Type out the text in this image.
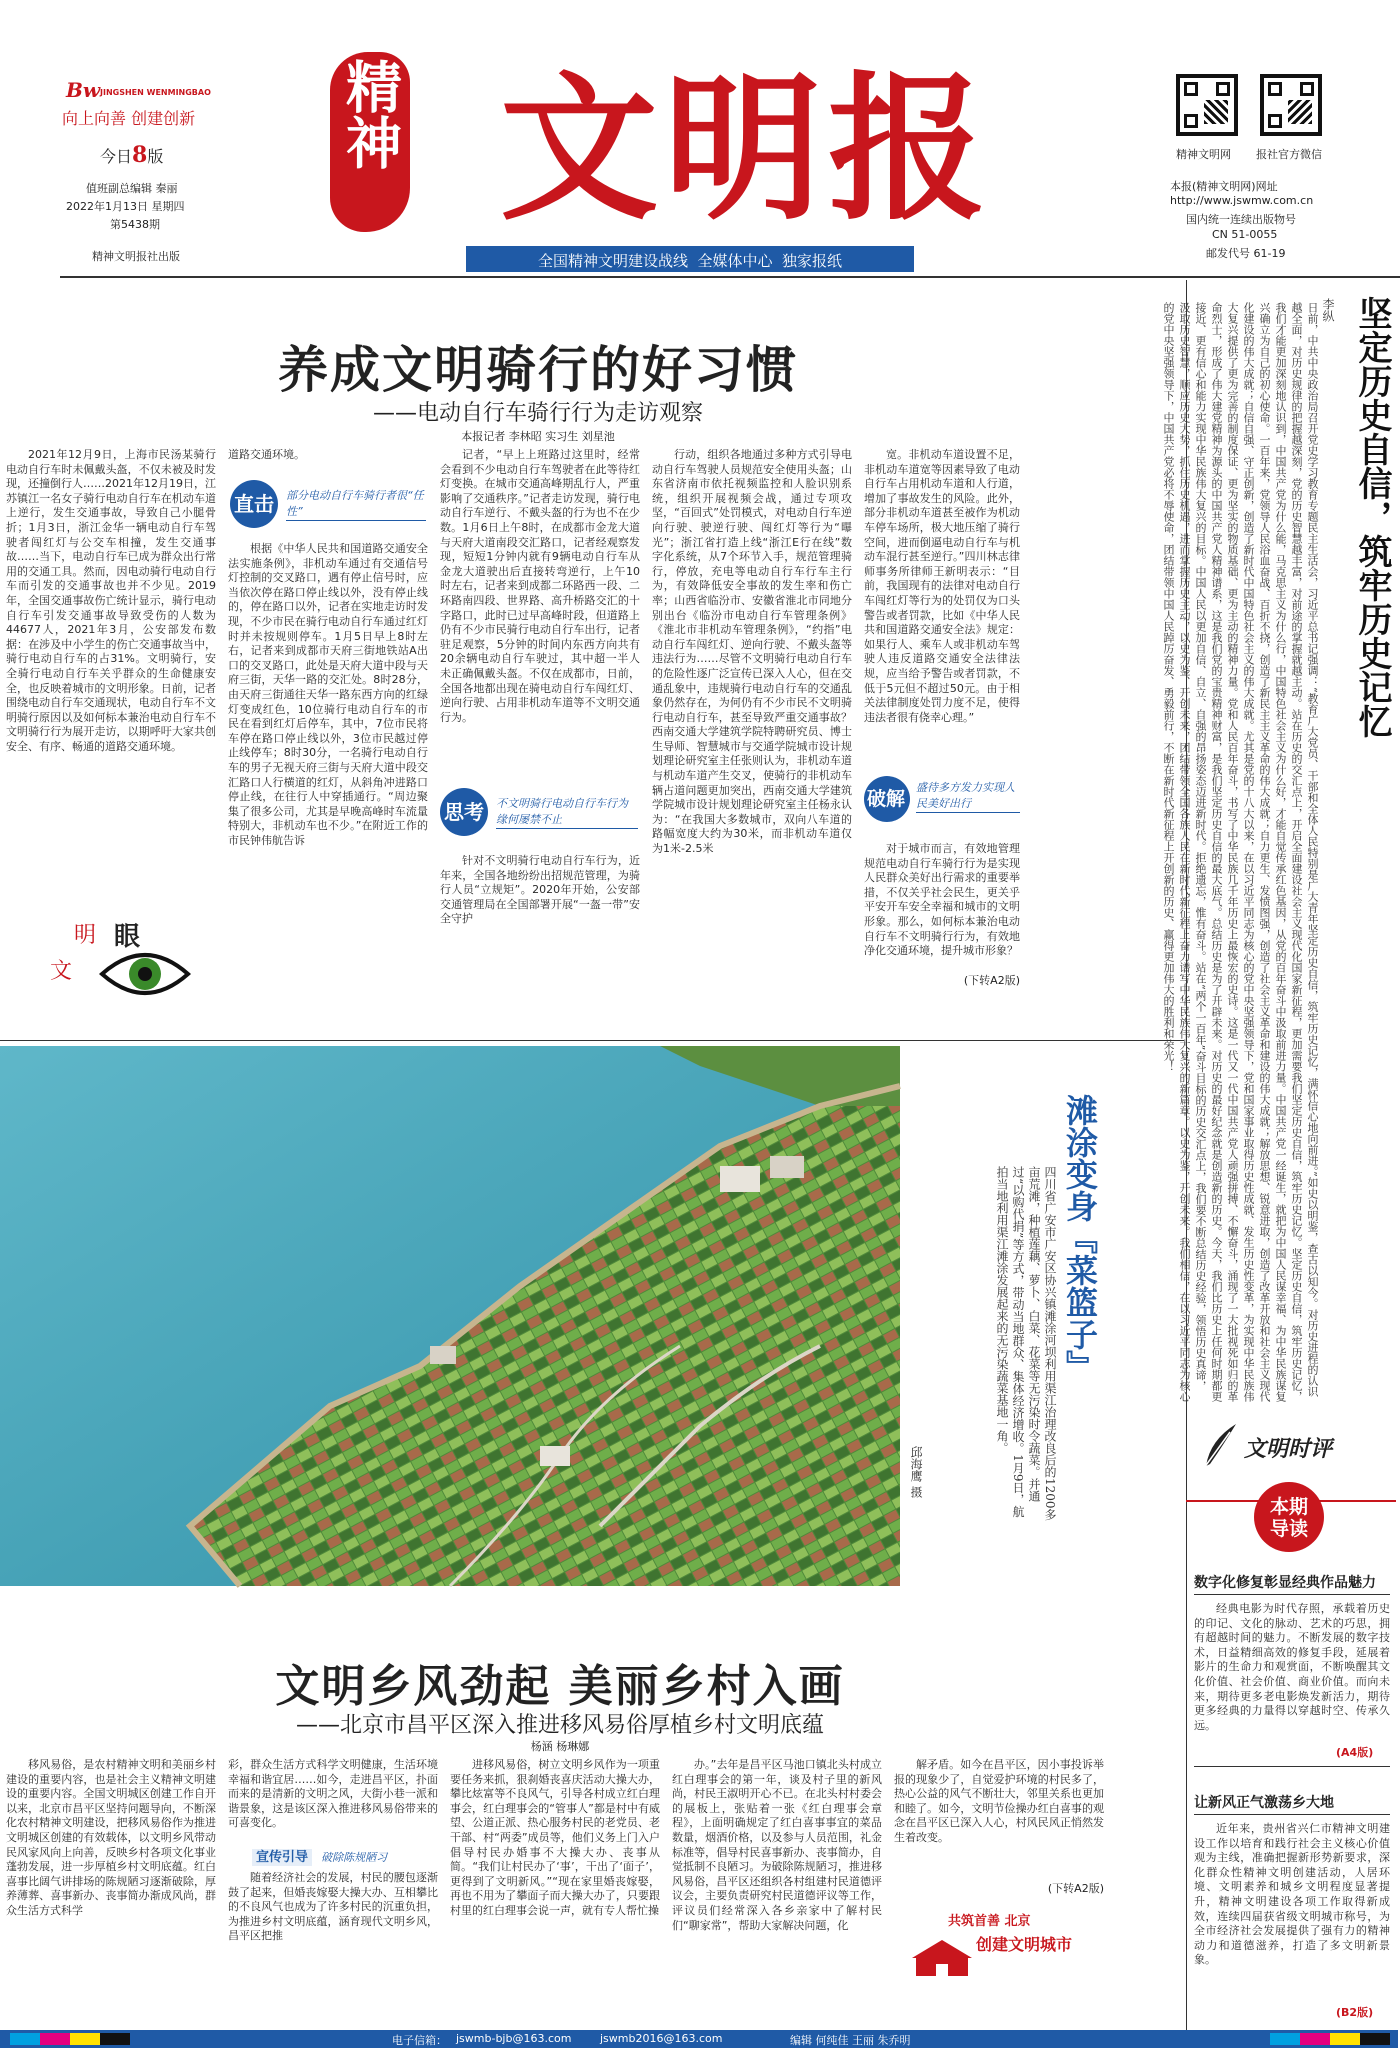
Bw JINGSHEN WENMINGBAO
向上向善 创建创新
今日8版
值班副总编辑 秦丽
2022年1月13日 星期四
第5438期
精神文明报社出版
精神 文明报
全国精神文明建设战线  全媒体中心  独家报纸
精神文明网 报社官方微信
本报(精神文明网)网址
http://www.jswmw.com.cn
国内统一连续出版物号
CN 51-0055
邮发代号 61-19
养成文明骑行的好习惯
——电动自行车骑行行为走访观察
本报记者 李林昭 实习生 刘星池

2021年12月9日，上海市民汤某骑行电动自行车时未佩戴头盔，不仅未被及时发现，还撞倒行人……2021年12月19日，江苏镇江一名女子骑行电动自行车在机动车道上逆行，发生交通事故，导致自己小腿骨折；1月3日，浙江金华一辆电动自行车驾驶者闯红灯与公交车相撞，发生交通事故……当下，电动自行车已成为群众出行常用的交通工具。然而，因电动骑行电动自行车而引发的交通事故也并不少见。2019年，全国交通事故伤亡统计显示，骑行电动自行车引发交通事故导致受伤的人数为44677人，2021年3月，公安部发布数据：在涉及中小学生的伤亡交通事故当中，骑行电动自行车的占31%。文明骑行，安全骑行电动自行车关乎群众的生命健康安全，也反映着城市的文明形象。日前，记者围绕电动自行车交通现状，电动自行车不文明骑行原因以及如何标本兼治电动自行车不文明骑行行为展开走访，以期呼吁大家共创安全、有序、畅通的道路交通环境。

明
文
眼
道路交通环境。
直击 部分电动自行车骑行者很“任性”

根据《中华人民共和国道路交通安全法实施条例》，非机动车通过有交通信号灯控制的交叉路口，遇有停止信号时，应当依次停在路口停止线以外，没有停止线的，停在路口以外，记者在实地走访时发现，不少市民在骑行电动自行车通过红灯时并未按规则停车。1月5日早上8时左右，记者来到成都市天府三街地铁站A出口的交叉路口，此处是天府大道中段与天府三街，天华一路的交汇处。8时28分，由天府三街通往天华一路东西方向的红绿灯变成红色，10位骑行电动自行车的市民在看到红灯后停车，其中，7位市民将车停在路口停止线以外，3位市民越过停止线停车；8时30分，一名骑行电动自行车的男子无视天府三街与天府大道中段交汇路口人行横道的红灯，从斜角冲进路口停止线，在往行人中穿插通行。“周边聚集了很多公司，尤其是早晚高峰时车流量特别大，非机动车也不少。”在附近工作的市民钟伟航告诉

记者，“早上上班路过这里时，经常会看到不少电动自行车驾驶者在此等待红灯变换。在城市交通高峰期乱行人，严重影响了交通秩序。”记者走访发现，骑行电动自行车逆行、不戴头盔的行为也不在少数。1月6日上午8时，在成都市金龙大道与天府大道南段交汇路口，记者经观察发现，短短1分钟内就有9辆电动自行车从金龙大道驶出后直接转弯逆行，上午10时左右，记者来到成都二环路西一段、二环路南四段、世界路、高升桥路交汇的十字路口，此时已过早高峰时段，但道路上仍有不少市民骑行电动自行车出行，记者驻足观察，5分钟的时间内东西方向共有20余辆电动自行车驶过，其中超一半人未正确佩戴头盔。不仅在成都市，日前，全国各地都出现在骑电动自行车闯红灯、逆向行驶、占用非机动车道等不文明交通行为。

思考 不文明骑行电动自行车行为缘何屡禁不止

针对不文明骑行电动自行车行为，近年来，全国各地纷纷出招规范管理，为骑行人员“立规矩”。2020年开始，公安部交通管理局在全国部署开展“一盔一带”安全守护

行动，组织各地通过多种方式引导电动自行车驾驶人员规范安全使用头盔；山东省济南市依托视频监控和人脸识别系统，组织开展视频会战，通过专项攻坚，“百回式”处罚模式，对电动自行车逆向行驶、驶逆行驶、闯红灯等行为“曝光”；浙江省打造上线“浙江E行在线”数字化系统，从7个环节入手，规范管理骑行，停放，充电等电动自行车行车主行为，有效降低安全事故的发生率和伤亡率；山西省临汾市、安徽省淮北市同地分别出台《临汾市电动自行车管理条例》《淮北市非机动车管理条例》，“约指”电动自行车闯红灯、逆向行驶、不戴头盔等违法行为……尽管不文明骑行电动自行车的危险性逐广泛宣传已深入人心，但在交通乱象中，违规骑行电动自行车的交通乱象仍然存在，为何仍有不少市民不文明骑行电动自行车，甚至导致严重交通事故？西南交通大学建筑学院特聘研究员、博士生导师、智慧城市与交通学院城市设计规划理论研究室主任张则认为，非机动车道与机动车道产生交叉，使骑行的非机动车辆占道问题更加突出，西南交通大学建筑学院城市设计规划理论研究室主任杨永认为：“在我国大多数城市，双向八车道的路幅宽度大约为30米，而非机动车道仅为1米-2.5米

宽。非机动车道设置不足，非机动车道宽等因素导致了电动自行车占用机动车道和人行道，增加了事故发生的风险。此外，部分非机动车道甚至被作为机动车停车场所，极大地压缩了骑行空间，进而倒逼电动自行车与机动车混行甚至逆行。”四川林志律师事务所律师王新明表示：“目前，我国现有的法律对电动自行车闯红灯等行为的处罚仅为口头警告或者罚款，比如《中华人民共和国道路交通安全法》规定：如果行人、乘车人或非机动车驾驶人违反道路交通安全法律法规，应当给予警告或者罚款，不低于5元但不超过50元。由于相关法律制度处罚力度不足，使得违法者很有侥幸心理。”

破解
盛待多方发力实现人民美好出行

对于城市而言，有效地管理规范电动自行车骑行行为是实现人民群众美好出行需求的重要举措，不仅关乎社会民生，更关乎平安开车安全幸福和城市的文明形象。那么，如何标本兼治电动自行车不文明骑行行为，有效地净化交通环境，提升城市形象？

(下转A2版)
滩涂变身『菜篮子』
四川省广安市广安区协兴镇滩涂河坝利用渠江治理改良后的1200多亩荒滩，种植莲藕、萝卜、白菜、花菜等无污染时令蔬菜。并通过“以购代捐”等方式，带动当地群众、集体经济增收。1月9日，航拍当地利用渠江滩涂发展起来的无污染蔬菜基地一角。
邱海鹰 摄
文明乡风劲起 美丽乡村入画
——北京市昌平区深入推进移风易俗厚植乡村文明底蕴
杨涵 杨琳娜

移风易俗，是农村精神文明和美丽乡村建设的重要内容，也是社会主义精神文明建设的重要内容。全国文明城区创建工作自开以来，北京市昌平区坚持问题导向，不断深化农村精神文明建设，把移风易俗作为推进文明城区创建的有效载体，以文明乡风带动民风家风向上向善，反映乡村各项文化事业蓬勃发展，进一步厚植乡村文明底蕴。红白喜事比阔气讲排场的陈规陋习逐渐破除，厚养薄葬、喜事新办、丧事简办渐成风尚，群众生活方式科学

彩，群众生活方式科学文明健康，生活环境幸福和谐宜居……如今，走进昌平区，扑面而来的是清新的文明之风，大街小巷一派和谐景象，这是该区深入推进移风易俗带来的可喜变化。

宣传引导 破除陈规陋习

随着经济社会的发展，村民的腰包逐渐鼓了起来，但婚丧嫁娶大操大办、互相攀比的不良风气也成为了许多村民的沉重负担，为推进乡村文明底蕴，涵育现代文明乡风，昌平区把推

进移风易俗，树立文明乡风作为一项重要任务来抓，狠刹婚丧喜庆活动大操大办，攀比炫富等不良风气，引导各村成立红白理事会，红白理事会的“管事人”都是村中有威望、公道正派、热心服务村民的老党员、老干部、村“两委”成员等，他们义务上门入户倡导村民办婚事不大操大办、丧事从简。“我们让村民办了‘事’，干出了‘面子’，更得到了文明新风。”“现在家里婚丧嫁娶，再也不用为了攀面子而大操大办了，只要跟村里的红白理事会说一声，就有专人帮忙操

办。”去年是昌平区马池口镇北头村成立红白理事会的第一年，谈及村子里的新风尚，村民王淑明开心不已。在北头村村委会的展板上，张贴着一张《红白理事会章程》，上面明确规定了红白喜事事宜的菜品数量，烟酒价格，以及参与人员范围，礼金标准等，倡导村民喜事新办、丧事简办，自觉抵制不良陋习。为破除陈规陋习，推进移风易俗，昌平区还组织各村组建村民道德评议会，主要负责研究村民道德评议等工作，评议员们经常深入各乡亲家中了解村民们“聊家常”，帮助大家解决问题，化

解矛盾。如今在昌平区，因小事投诉举报的现象少了，自觉爱护环境的村民多了，热心公益的风气不断壮大，邻里关系也更加和睦了。如今，文明节俭操办红白喜事的观念在昌平区已深入人心，村风民风正悄然发生着改变。

(下转A2版)
共筑首善 北京
创建文明城市
坚定历史自信，筑牢历史记忆
李纵
日前，中共中央政治局召开党史学习教育专题民主生活会，习近平总书记强调：“教育广大党员、干部和全体人民特别是广大青年坚定历史自信，筑牢历史记忆，满怀信心地向前进。”如史以明鉴，查古以知今。对历史进程的认识越全面，对历史规律的把握越深刻，党的历史智慧越丰富，对前途的掌握就越主动。站在历史的交汇点上，开启全面建设社会主义现代化国家新征程，更加需要我们坚定历史自信，筑牢历史记忆。坚定历史自信，筑牢历史记忆，我们才能更加深刻地认识到，中国共产党为什么能，马克思主义为什么行，中国特色社会主义为什么好，才能自觉传承红色基因，从党的百年奋斗中汲取前进力量。中国共产党一经诞生，就把为中国人民谋幸福、为中华民族谋复兴确立为自己的初心使命。一百年来，党领导人民浴血奋战、百折不挠，创造了新民主主义革命的伟大成就；自力更生、发愤图强，创造了社会主义革命和建设的伟大成就；解放思想、锐意进取，创造了改革开放和社会主义现代化建设的伟大成就；自信自强、守正创新，创造了新时代中国特色社会主义的伟大成就。尤其是党的十八大以来，在以习近平同志为核心的党中央坚强领导下，党和国家事业取得历史性成就、发生历史性变革，为实现中华民族伟大复兴提供了更为完善的制度保证、更为坚实的物质基础、更为主动的精神力量。党和人民百年奋斗，书写了中华民族几千年历史上最恢宏的史诗。这是一代又一代中国共产党人顽强拼搏、不懈奋斗，涌现了一大批视死如归的革命烈士，形成了伟大建党精神为源头的中国共产党人精神谱系，这是我们党的宝贵精神财富，是我们坚定历史自信的最大底气。总结历史是为了开辟未来。对历史的最好纪念就是创造新的历史。今天，我们比历史上任何时期都更接近、更有信心和能力实现中华民族伟大复兴的目标。中国人民以更加自信、自立、自强的昂扬姿态迈进新时代。拒绝遗忘，惟有奋斗。站在“两个一百年”奋斗目标的历史交汇点上，我们要不断总结历史经验，领悟历史真谛，汲取历史智慧，顺应历史大势，抓住历史机遇，进而掌握历史主动，以史为鉴、开创未来，团结带领全国各族人民在新时代新征程上奋力谱写中华民族伟大复兴的新篇章。以史为鉴，开创未来。我们相信，在以习近平同志为核心的党中央坚强领导下，中国共产党必将不辱使命，团结带领中国人民踔厉奋发、勇毅前行，不断在新时代新征程上开创新的历史、赢得更加伟大的胜利和荣光！
文明时评
本期导读
数字化修复彰显经典作品魅力

经典电影为时代存照，承载着历史的印记、文化的脉动、艺术的巧思，拥有超越时间的魅力。不断发展的数字技术，日益精细高效的修复手段，延展着影片的生命力和观赏面，不断唤醒其文化价值、社会价值、商业价值。而向未来，期待更多老电影焕发新活力，期待更多经典的力量得以穿越时空、传承久远。

(A4版)
让新风正气激荡乡大地

近年来，贵州省兴仁市精神文明建设工作以培育和践行社会主义核心价值观为主线，准确把握新形势新要求，深化群众性精神文明创建活动，人居环境、文明素养和城乡文明程度显著提升，精神文明建设各项工作取得新成效，连续四届获省级文明城市称号，为全市经济社会发展提供了强有力的精神动力和道德滋养，打造了多文明新景象。

(B2版)
电子信箱： jswmb-bjb@163.com	jswmb2016@163.com	编辑 何纯佳 王丽 朱乔明
